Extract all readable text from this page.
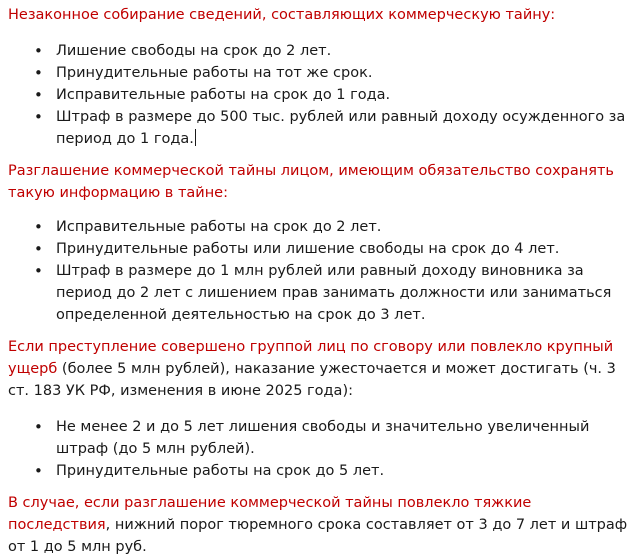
Незаконное собирание сведений, составляющих коммерческую тайну:

• Лишение свободы на срок до 2 лет.
• Принудительные работы на тот же срок.
• Исправительные работы на срок до 1 года.
• Штраф в размере до 500 тыс. рублей или равный доходу осужденного за период до 1 года.

Разглашение коммерческой тайны лицом, имеющим обязательство сохранять такую информацию в тайне:

• Исправительные работы на срок до 2 лет.
• Принудительные работы или лишение свободы на срок до 4 лет.
• Штраф в размере до 1 млн рублей или равный доходу виновника за период до 2 лет с лишением прав занимать должности или заниматься определенной деятельностью на срок до 3 лет.

Если преступление совершено группой лиц по сговору или повлекло крупный ущерб (более 5 млн рублей), наказание ужесточается и может достигать (ч. 3 ст. 183 УК РФ, изменения в июне 2025 года):

• Не менее 2 и до 5 лет лишения свободы и значительно увеличенный штраф (до 5 млн рублей).
• Принудительные работы на срок до 5 лет.

В случае, если разглашение коммерческой тайны повлекло тяжкие последствия, нижний порог тюремного срока составляет от 3 до 7 лет и штраф от 1 до 5 млн руб.
